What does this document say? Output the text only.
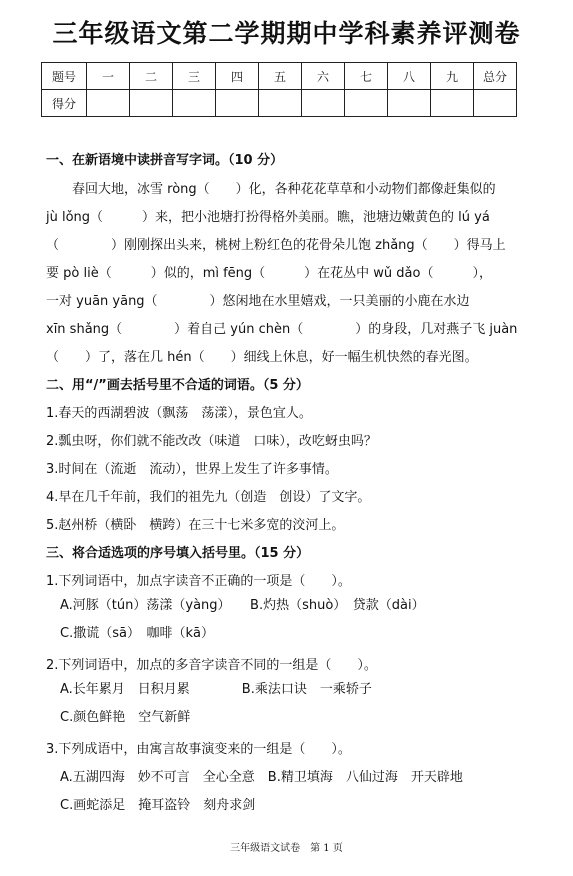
三年级语文第二学期期中学科素养评测卷
题号	一	二	三	四	五	六	七	八	九	总分
得分										
一、在新语境中读拼音写字词。（10 分）
春回大地，冰雪 ròng（　　）化，各种花花草草和小动物们都像赶集似的
jù lǒng（　　　）来，把小池塘打扮得格外美丽。瞧，池塘边嫩黄色的 lú yá
（　　　　）刚刚探出头来，桃树上粉红色的花骨朵儿饱 zhǎng（　　）得马上
要 pò liè（　　　）似的，mì fēng（　　　）在花丛中 wǔ dǎo（　　　），
一对 yuān yāng（　　　　）悠闲地在水里嬉戏，一只美丽的小鹿在水边
xīn shǎng（　　　　）着自己 yún chèn（　　　　）的身段，几对燕子飞 juàn
（　　）了，落在几 hén（　　）细线上休息，好一幅生机快然的春光图。
二、用“/”画去括号里不合适的词语。（5 分）
1.春天的西湖碧波（飘荡　荡漾），景色宜人。
2.瓢虫呀，你们就不能改改（味道　口味），改吃蚜虫吗？
3.时间在（流逝　流动），世界上发生了许多事情。
4.早在几千年前，我们的祖先九（创造　创设）了文字。
5.赵州桥（横卧　横跨）在三十七米多宽的洨河上。
三、将合适选项的序号填入括号里。（15 分）
1.下列词语中，加点字读音不正确的一项是（　　）。
A.河豚（tún）荡漾（yàng）　　B.灼热（shuò）　贷款（dài）
C.撒谎（sā）　咖啡（kā）
2.下列词语中，加点的多音字读音不同的一组是（　　）。
A.长年累月　日积月累　　　　B.乘法口诀　一乘轿子
C.颜色鲜艳　空气新鲜
3.下列成语中，由寓言故事演变来的一组是（　　）。
A.五湖四海　妙不可言　全心全意　B.精卫填海　八仙过海　开天辟地
C.画蛇添足　掩耳盗铃　刻舟求剑
三年级语文试卷　第 1 页
